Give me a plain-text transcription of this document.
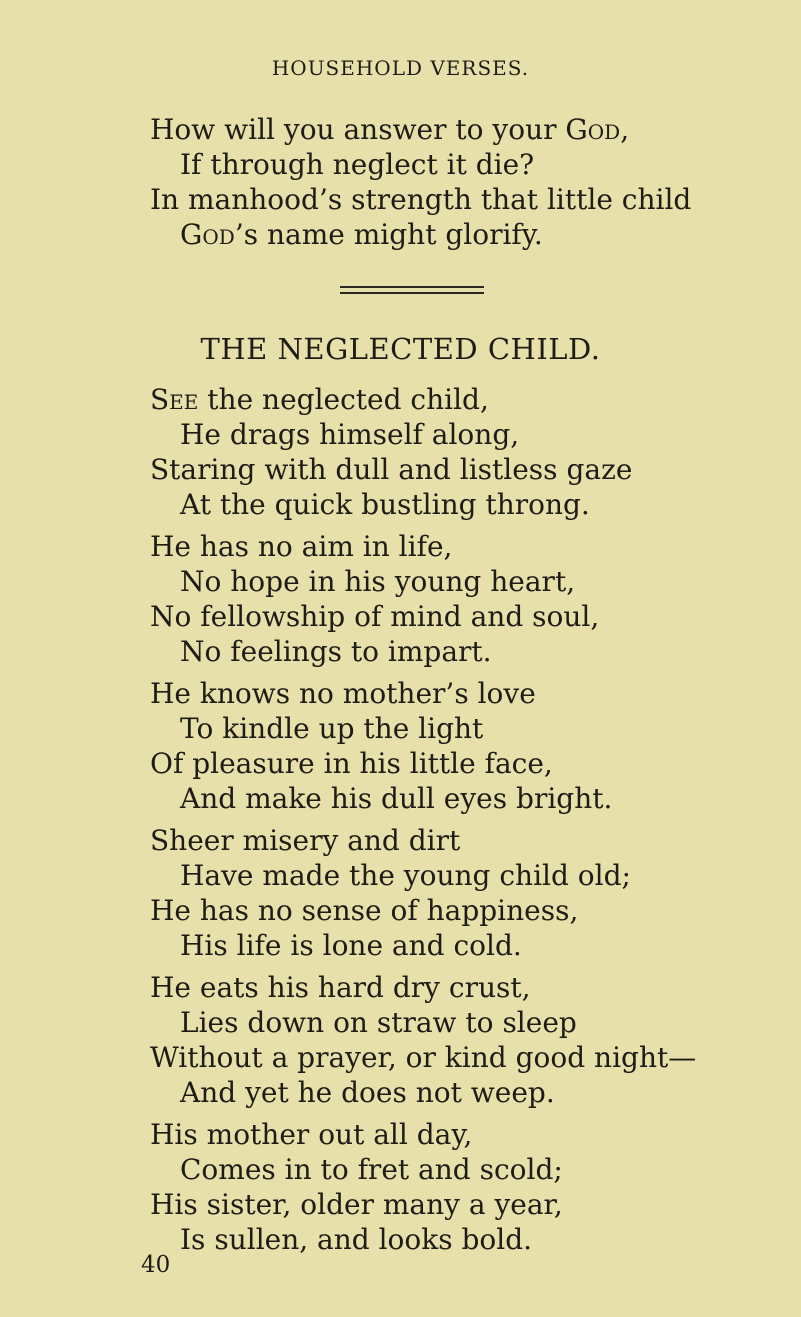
HOUSEHOLD VERSES.
How will you answer to your God,
If through neglect it die?
In manhood’s strength that little child
God’s name might glorify.
THE NEGLECTED CHILD.
See the neglected child,
He drags himself along,
Staring with dull and listless gaze
At the quick bustling throng.
He has no aim in life,
No hope in his young heart,
No fellowship of mind and soul,
No feelings to impart.
He knows no mother’s love
To kindle up the light
Of pleasure in his little face,
And make his dull eyes bright.
Sheer misery and dirt
Have made the young child old;
He has no sense of happiness,
His life is lone and cold.
He eats his hard dry crust,
Lies down on straw to sleep
Without a prayer, or kind good night—
And yet he does not weep.
His mother out all day,
Comes in to fret and scold;
His sister, older many a year,
Is sullen, and looks bold.
40
